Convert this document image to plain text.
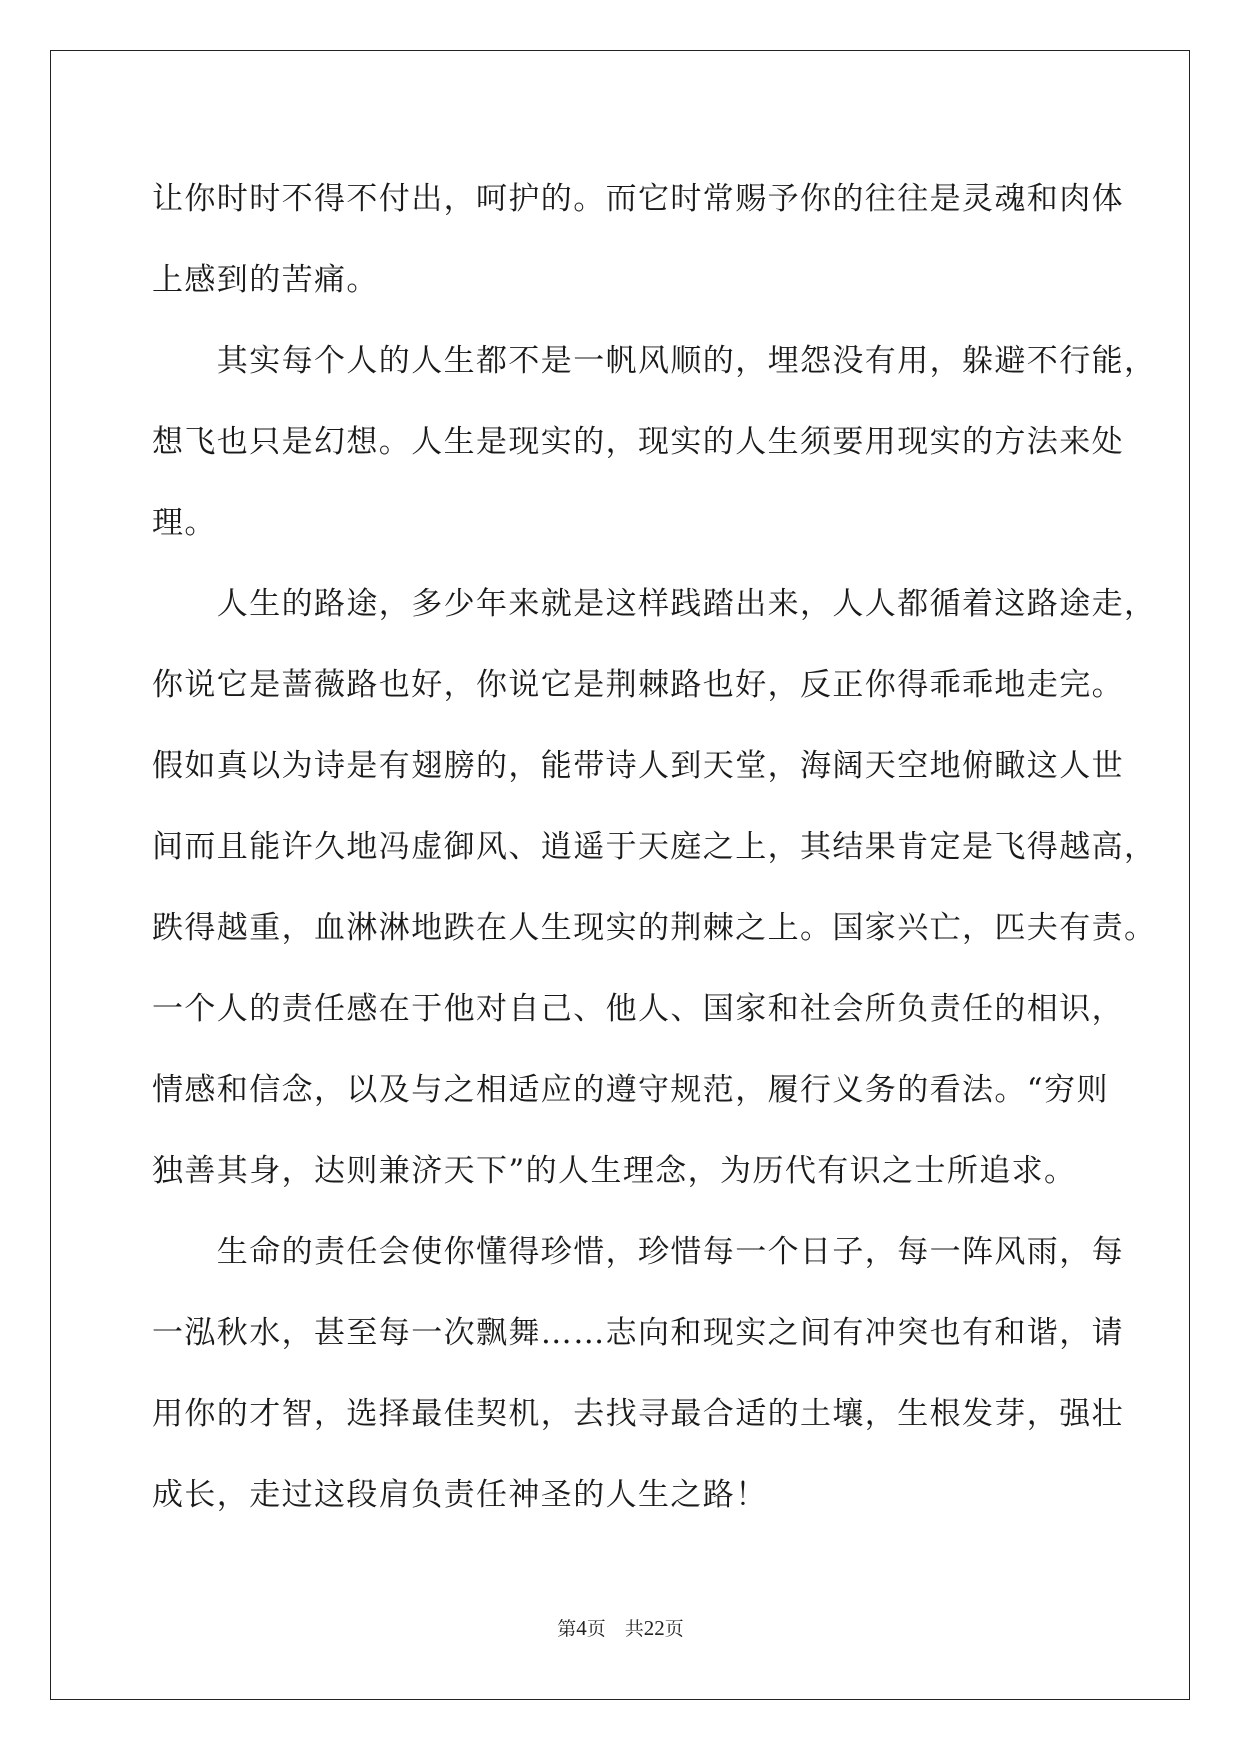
让你时时不得不付出，呵护的。而它时常赐予你的往往是灵魂和肉体
上感到的苦痛。
　　其实每个人的人生都不是一帆风顺的，埋怨没有用，躲避不行能，
想飞也只是幻想。人生是现实的，现实的人生须要用现实的方法来处
理。
　　人生的路途，多少年来就是这样践踏出来，人人都循着这路途走，
你说它是蔷薇路也好，你说它是荆棘路也好，反正你得乖乖地走完。
假如真以为诗是有翅膀的，能带诗人到天堂，海阔天空地俯瞰这人世
间而且能许久地冯虚御风、逍遥于天庭之上，其结果肯定是飞得越高，
跌得越重，血淋淋地跌在人生现实的荆棘之上。国家兴亡，匹夫有责。
一个人的责任感在于他对自己、他人、国家和社会所负责任的相识，
情感和信念，以及与之相适应的遵守规范，履行义务的看法。“穷则
独善其身，达则兼济天下”的人生理念，为历代有识之士所追求。
　　生命的责任会使你懂得珍惜，珍惜每一个日子，每一阵风雨，每
一泓秋水，甚至每一次飘舞……志向和现实之间有冲突也有和谐，请
用你的才智，选择最佳契机，去找寻最合适的土壤，生根发芽，强壮
成长，走过这段肩负责任神圣的人生之路！
第4页　共22页
